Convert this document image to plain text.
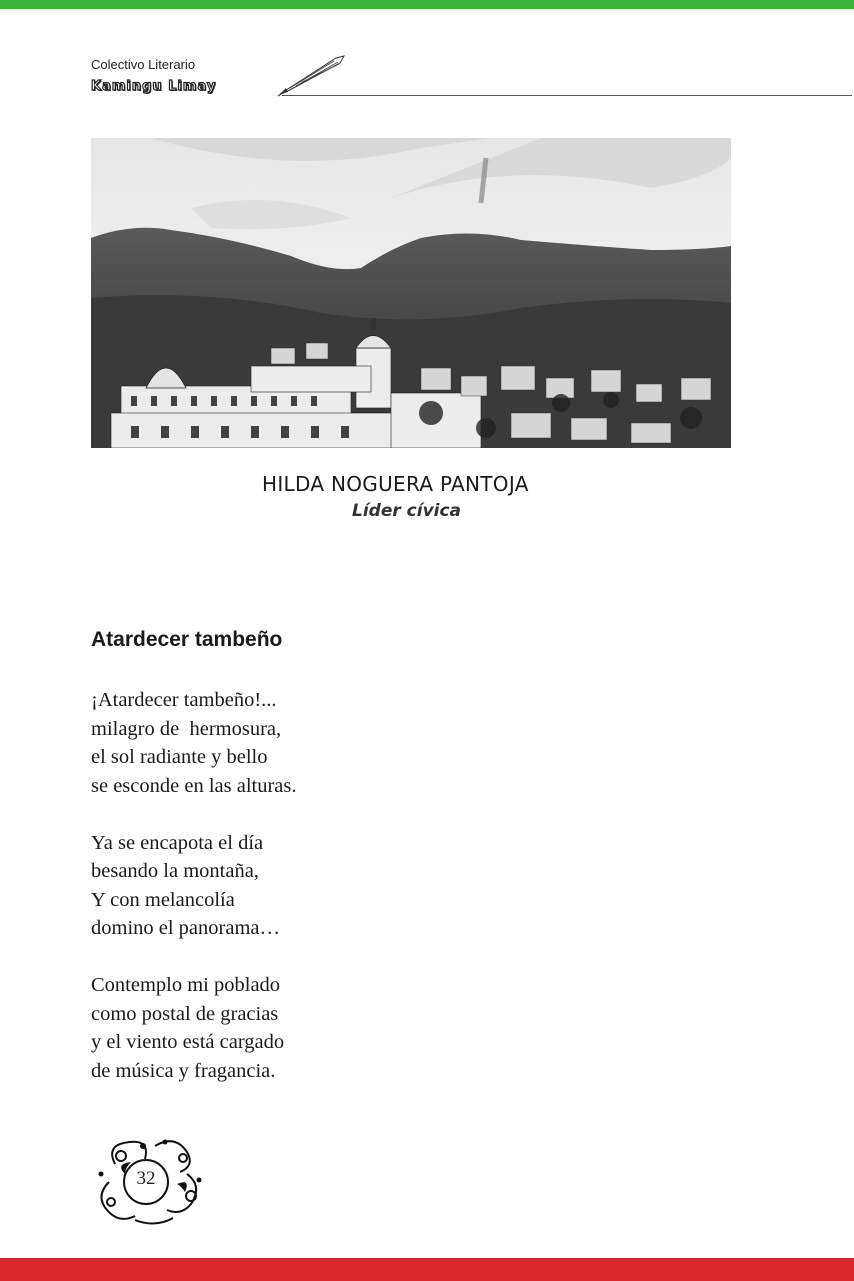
Colectivo Literario
Kamingu Limay
HILDA NOGUERA PANTOJA
Líder cívica
Atardecer tambeño
¡Atardecer tambeño!...
milagro de  hermosura,
el sol radiante y bello
se esconde en las alturas.
Ya se encapota el día
besando la montaña,
Y con melancolía
domino el panorama…
Contemplo mi poblado
como postal de gracias
y el viento está cargado
de música y fragancia.
32
